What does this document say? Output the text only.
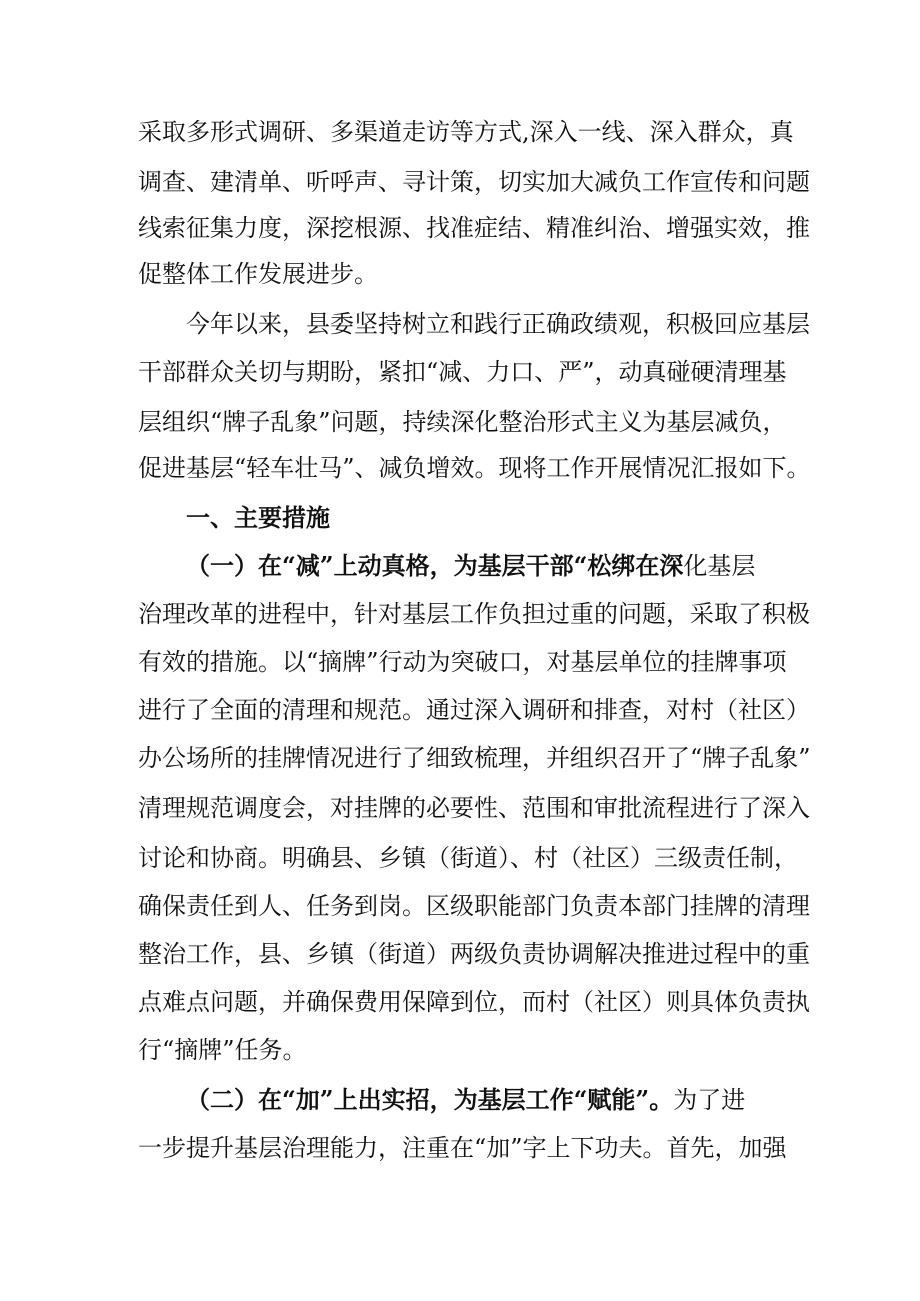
采取多形式调研、多渠道走访等方式,深入一线、深入群众，真
调查、建清单、听呼声、寻计策，切实加大减负工作宣传和问题
线索征集力度，深挖根源、找准症结、精准纠治、增强实效，推
促整体工作发展进步。
今年以来，县委坚持树立和践行正确政绩观，积极回应基层
干部群众关切与期盼，紧扣“减、力口、严”，动真碰硬清理基
层组织“牌子乱象”问题，持续深化整治形式主义为基层减负，
促进基层“轻车壮马”、减负增效。现将工作开展情况汇报如下。
一、主要措施
（一）在“减”上动真格，为基层干部“松绑在深化基层
治理改革的进程中，针对基层工作负担过重的问题，采取了积极
有效的措施。以“摘牌”行动为突破口，对基层单位的挂牌事项
进行了全面的清理和规范。通过深入调研和排查，对村（社区）
办公场所的挂牌情况进行了细致梳理，并组织召开了“牌子乱象”
清理规范调度会，对挂牌的必要性、范围和审批流程进行了深入
讨论和协商。明确县、乡镇（街道）、村（社区）三级责任制，
确保责任到人、任务到岗。区级职能部门负责本部门挂牌的清理
整治工作，县、乡镇（街道）两级负责协调解决推进过程中的重
点难点问题，并确保费用保障到位，而村（社区）则具体负责执
行“摘牌”任务。
（二）在“加”上出实招，为基层工作“赋能”。为了进
一步提升基层治理能力，注重在“加”字上下功夫。首先，加强
